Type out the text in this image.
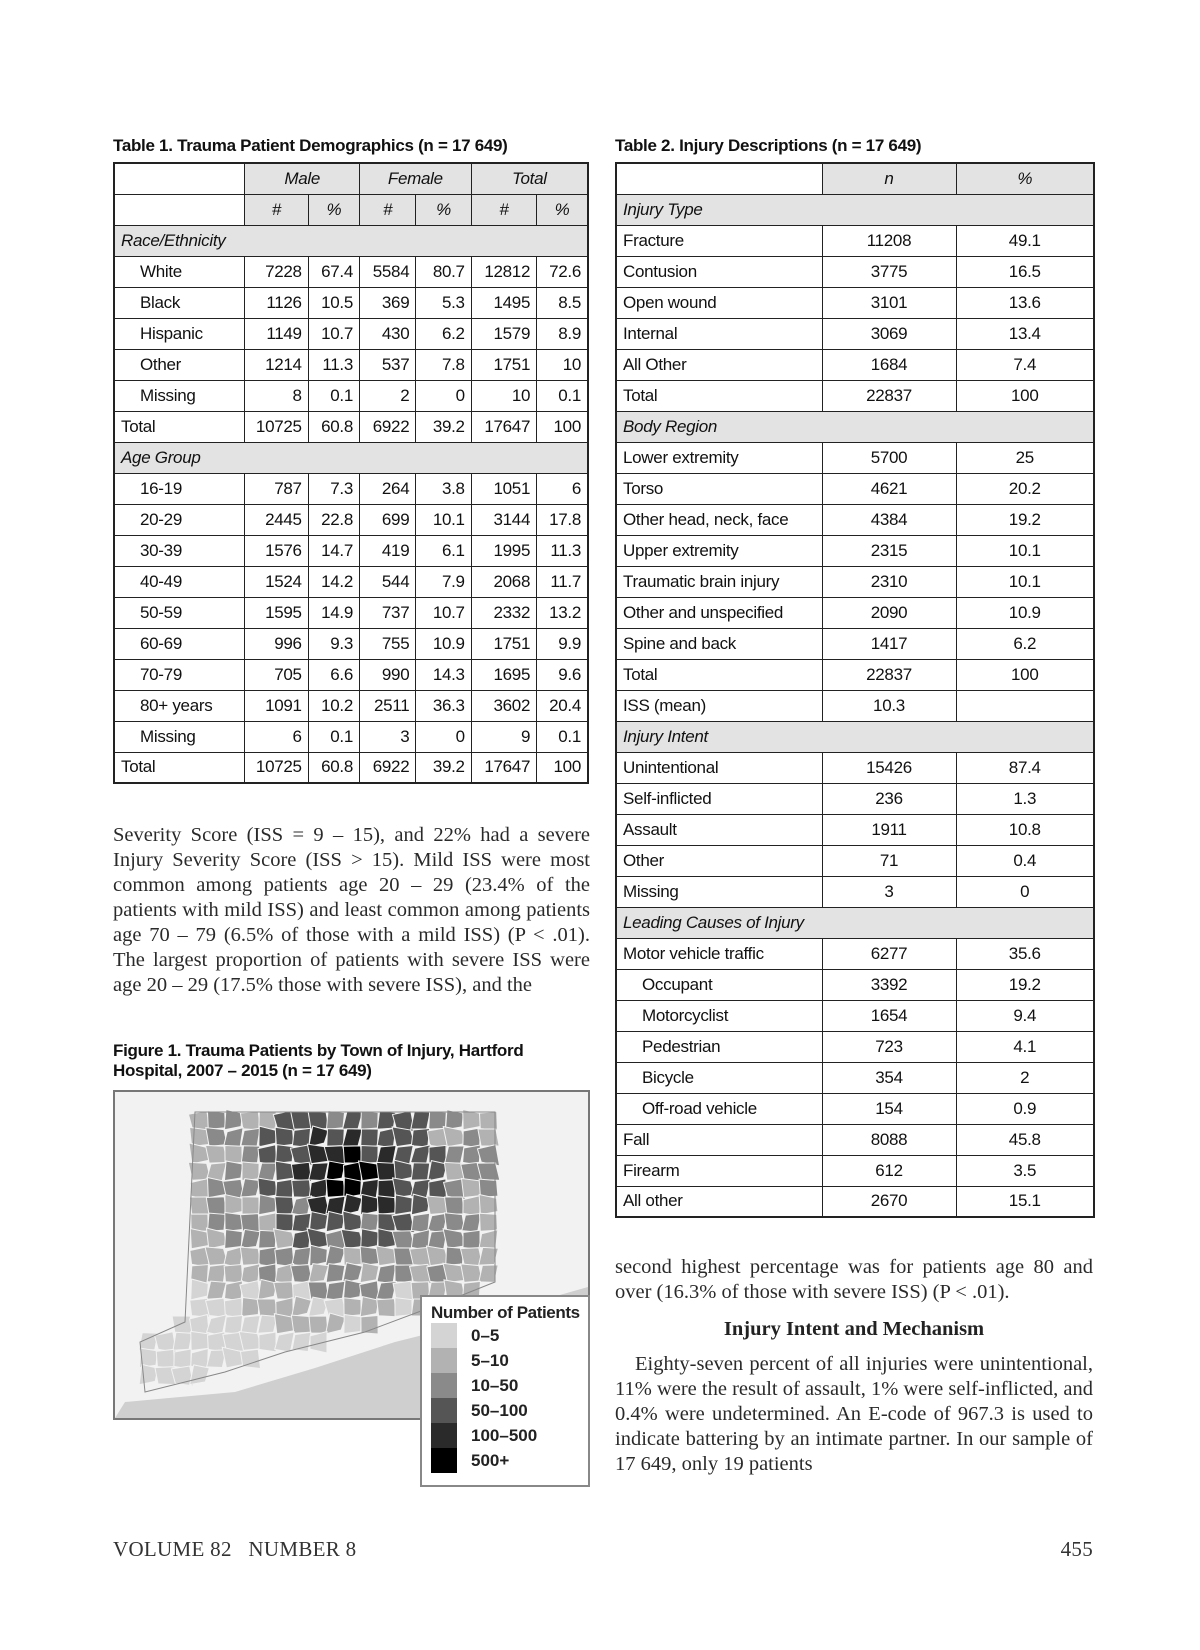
Table 1. Trauma Patient Demographics (n = 17 649)
	Male		Female		Total	
	#	%	#	%	#	%
Race/Ethnicity						
White	7228	67.4	5584	80.7	12812	72.6
Black	1126	10.5	369	5.3	1495	8.5
Hispanic	1149	10.7	430	6.2	1579	8.9
Other	1214	11.3	537	7.8	1751	10
Missing	8	0.1	2	0	10	0.1
Total	10725	60.8	6922	39.2	17647	100
Age Group						
16-19	787	7.3	264	3.8	1051	6
20-29	2445	22.8	699	10.1	3144	17.8
30-39	1576	14.7	419	6.1	1995	11.3
40-49	1524	14.2	544	7.9	2068	11.7
50-59	1595	14.9	737	10.7	2332	13.2
60-69	996	9.3	755	10.9	1751	9.9
70-79	705	6.6	990	14.3	1695	9.6
80+ years	1091	10.2	2511	36.3	3602	20.4
Missing	6	0.1	3	0	9	0.1
Total	10725	60.8	6922	39.2	17647	100
Table 2. Injury Descriptions (n = 17 649)
	n	%
Injury Type		
Fracture	11208	49.1
Contusion	3775	16.5
Open wound	3101	13.6
Internal	3069	13.4
All Other	1684	7.4
Total	22837	100
Body Region		
Lower extremity	5700	25
Torso	4621	20.2
Other head, neck, face	4384	19.2
Upper extremity	2315	10.1
Traumatic brain injury	2310	10.1
Other and unspecified	2090	10.9
Spine and back	1417	6.2
Total	22837	100
ISS (mean)	10.3	
Injury Intent		
Unintentional	15426	87.4
Self-inflicted	236	1.3
Assault	1911	10.8
Other	71	0.4
Missing	3	0
Leading Causes of Injury		
Motor vehicle traffic	6277	35.6
Occupant	3392	19.2
Motorcyclist	1654	9.4
Pedestrian	723	4.1
Bicycle	354	2
Off-road vehicle	154	0.9
Fall	8088	45.8
Firearm	612	3.5
All other	2670	15.1

Severity Score (ISS = 9 – 15), and 22% had a severe Injury Severity Score (ISS > 15). Mild ISS were most common among patients age 20 – 29 (23.4% of the patients with mild ISS) and least common among patients age 70 – 79 (6.5% of those with a mild ISS) (P < .01). The largest proportion of patients with severe ISS were age 20 – 29 (17.5% those with severe ISS), and the

Figure 1. Trauma Patients by Town of Injury, Hartford Hospital, 2007 – 2015 (n = 17 649)
Number of Patients
0–5
5–10
10–50
50–100
100–500
500+

second highest percentage was for patients age 80 and over (16.3% of those with severe ISS) (P < .01).

Injury Intent and Mechanism

Eighty-seven percent of all injuries were unintentional, 11% were the result of assault, 1% were self-inflicted, and 0.4% were undetermined. An E-code of 967.3 is used to indicate battering by an intimate partner. In our sample of 17 649, only 19 patients

VOLUME 82   NUMBER 8	455
